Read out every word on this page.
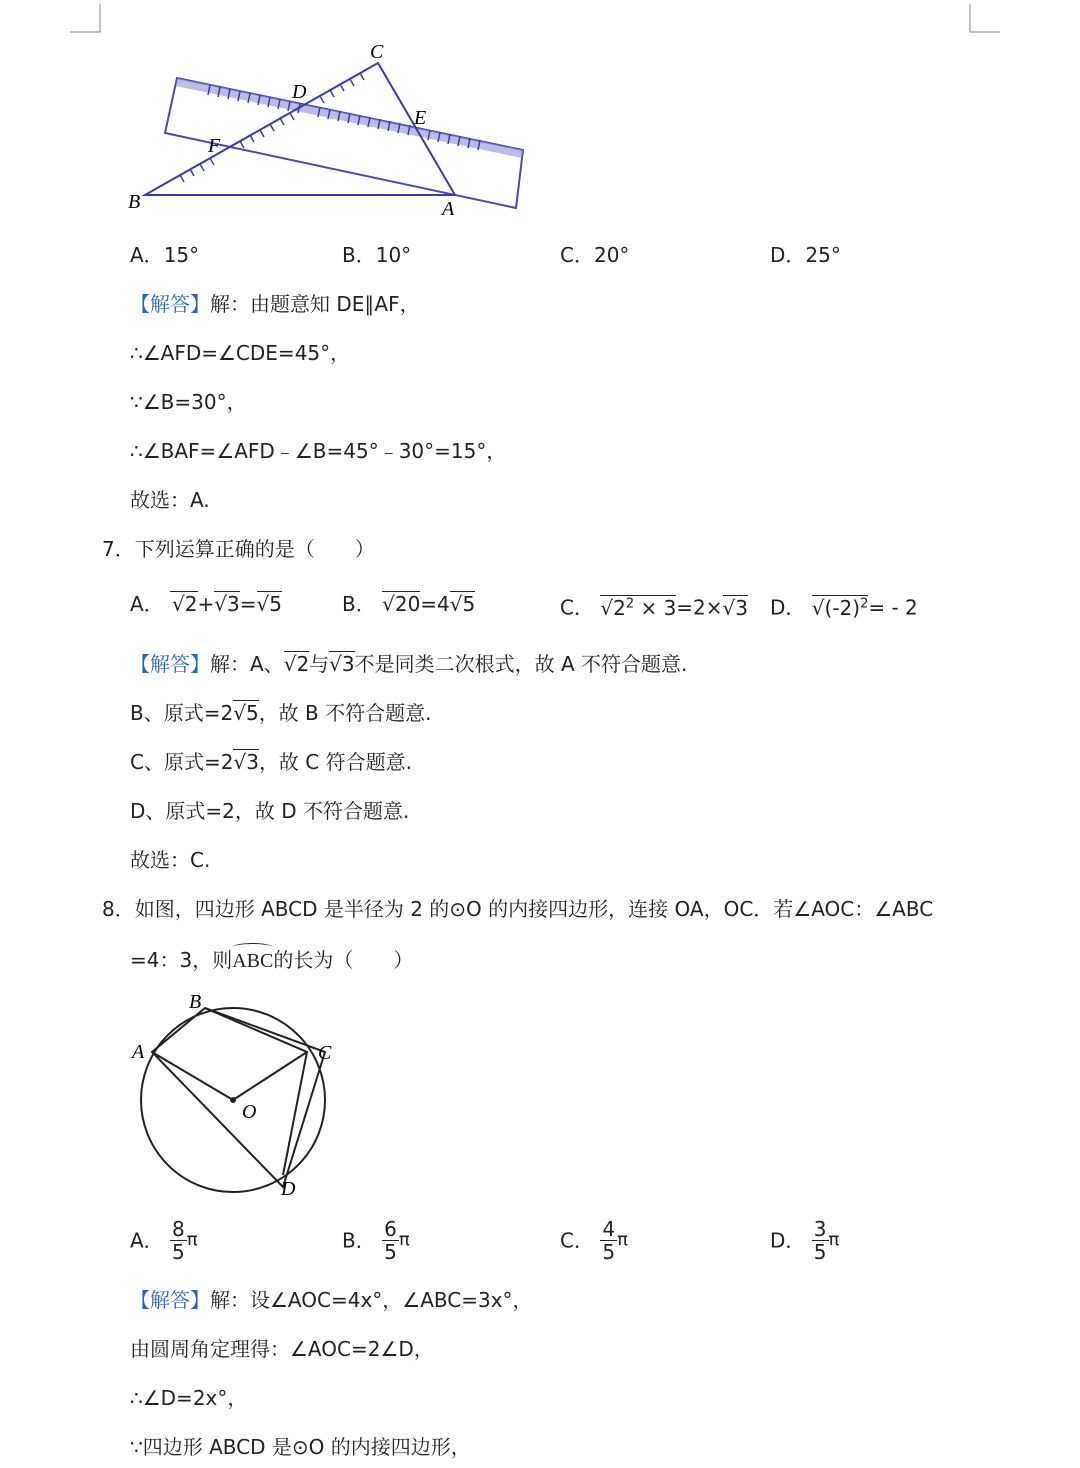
C
D
E
F
B	A
A．15°	B．10°	C．20°	D．25°
【解答】解：由题意知 DE∥AF，
∴∠AFD=∠CDE=45°，
∵∠B=30°，
∴∠BAF=∠AFD﹣∠B=45°﹣30°=15°，
故选：A.
7．下列运算正确的是（　　）
A． √2+√3=√5	B． √20=4√5	C． $√2^2 \times 3=2\times√3$ D． $√(-2)^2= - 2$
【解答】解：A、√2与√3不是同类二次根式，故 A 不符合题意.
B、原式=2√5，故 B 不符合题意.
C、原式=2√3，故 C 符合题意.
D、原式=2，故 D 不符合题意.
故选：C.
8．如图，四边形 ABCD 是半径为 2 的⊙O 的内接四边形，连接 OA，OC．若∠AOC：∠ABC
=4：3，则
ABC的长为（　　）
B
A	C
O
D
A． $\frac{8}{5}$ π	B． $\frac{6}{5}$ π	C． $\frac{4}{5}$ π	D． $\frac{3}{5}$ π
【解答】解：设∠AOC=4x°，∠ABC=3x°，
由圆周角定理得：∠AOC=2∠D，
∴∠D=2x°，
∵四边形 ABCD 是⊙O 的内接四边形，
